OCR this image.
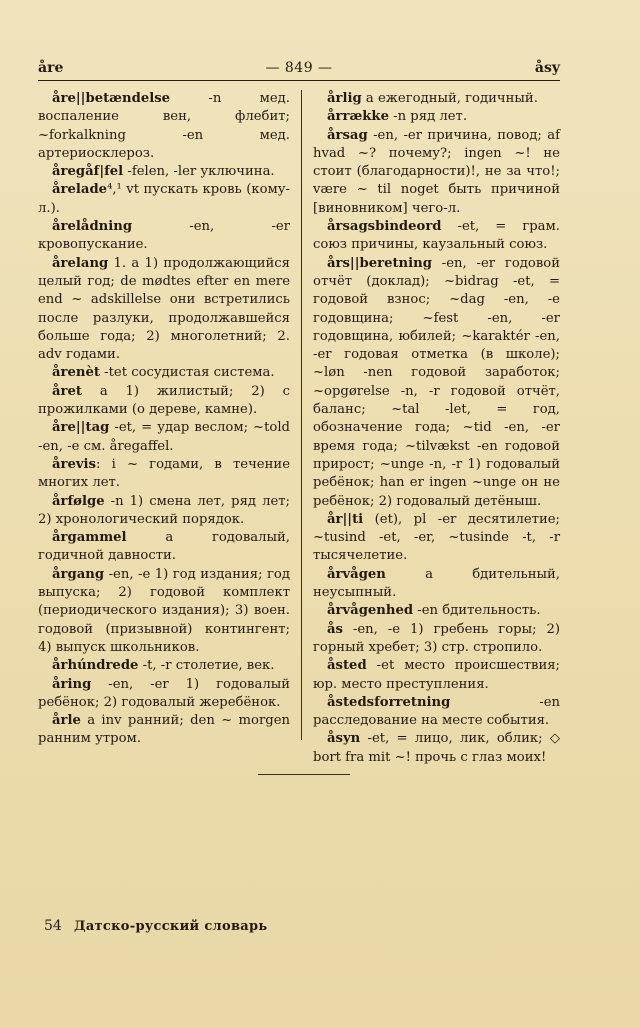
åre	— 849 —	åsy

åre||betændelse -n мед. воспаление вен, флебит; ~forkalkning -en мед. артериосклероз.

åregåf|fel -felen, -ler уключина.

årelade⁴,¹ vt пускать кровь (кому-л.).

årelådning -en, -er кровопускание.

årelang 1. a 1) продолжающийся целый год; de mødtes efter en mere end ~ adskillelse они встретились после разлуки, продолжавшейся больше года; 2) многолетний; 2. adv годами.

årenèt -tet сосудистая система.

året a 1) жилистый; 2) с прожилками (о дереве, камне).

åre||tag -et, = удар веслом; ~told -en, -e см. åregaffel.

årevis: i ~ годами, в течение многих лет.

årfølge -n 1) смена лет, ряд лет; 2) хронологический порядок.

årgammel a годовалый, годичной давности.

årgang -en, -e 1) год издания; год выпуска; 2) годовой комплект (периодического издания); 3) воен. годовой (призывной) контингент; 4) выпуск школьников.

århúndrede -t, -r столетие, век.

åring -en, -er 1) годовалый ребёнок; 2) годовалый жеребёнок.

årle a inv ранний; den ~ morgen ранним утром.

årlig a ежегодный, годичный.

årrække -n ряд лет.

årsag -en, -er причина, повод; af hvad ~? почему?; ingen ~! не стоит (благодарности)!, не за что!; være ~ til noget быть причиной [виновником] чего-л.

årsagsbindeord -et, = грам. союз причины, каузальный союз.

års||beretning -en, -er годовой отчёт (доклад); ~bidrag -et, = годовой взнос; ~dag -en, -e годовщина; ~fest -en, -er годовщина, юбилей; ~karaktér -en, -er годовая отметка (в школе); ~løn -nen годовой заработок; ~opgørelse -n, -r годовой отчёт, баланс; ~tal -let, = год, обозначение года; ~tid -en, -er время года; ~tilvækst -en годовой прирост; ~unge -n, -r 1) годовалый ребёнок; han er ingen ~unge он не ребёнок; 2) годовалый детёныш.

år||ti (et), pl -er десятилетие; ~tusind -et, -er, ~tusinde -t, -r тысячелетие.

årvågen a бдительный, неусыпный.

årvågenhed -en бдительность.

ås -en, -e 1) гребень горы; 2) горный хребет; 3) стр. стропило.

åsted -et место происшествия; юр. место преступления.

åstedsforretning -en расследование на месте события.

åsyn -et, = лицо, лик, облик; ◇ bort fra mit ~! прочь с глаз моих!

54 Датско-русский словарь
